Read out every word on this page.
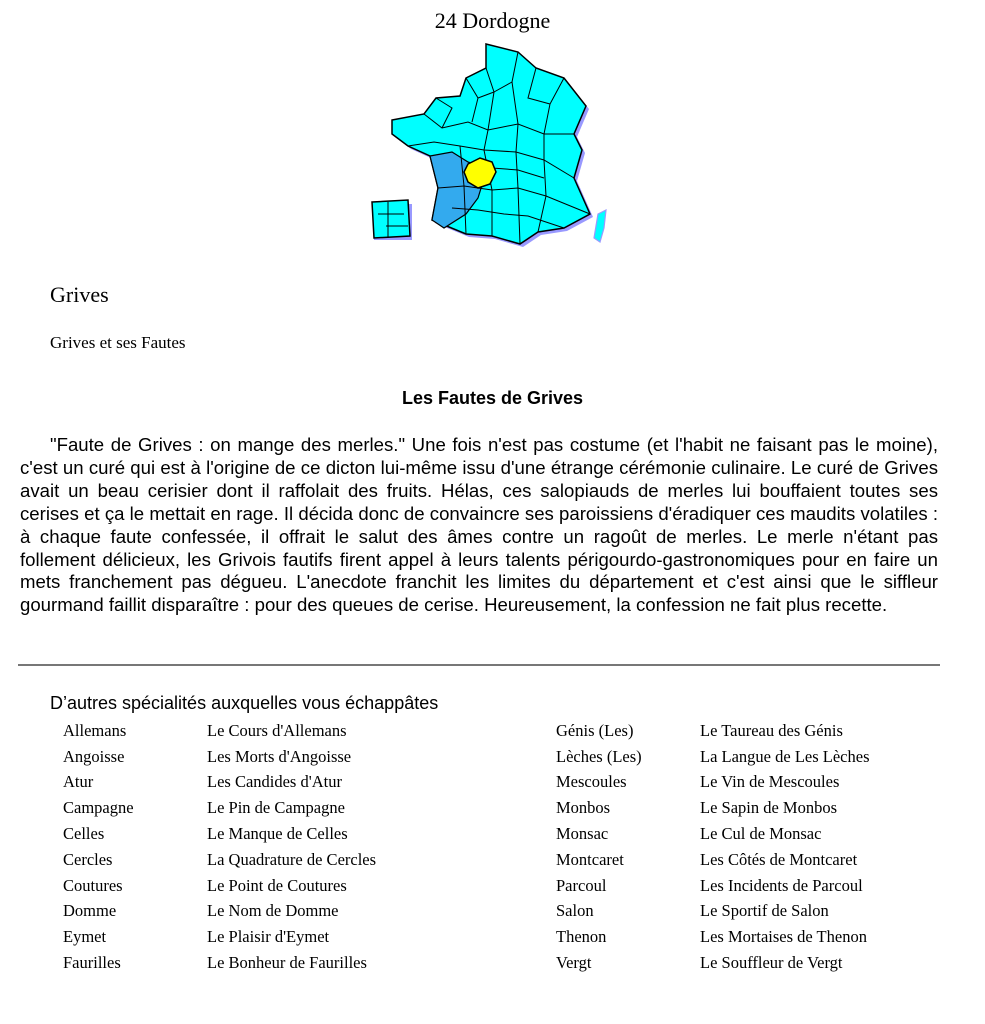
24 Dordogne
Grives
Grives et ses Fautes
Les Fautes de Grives

"Faute de Grives : on mange des merles." Une fois n'est pas costume (et l'habit ne faisant pas le moine), c'est un curé qui est à l'origine de ce dicton lui-même issu d'une étrange cérémonie culinaire. Le curé de Grives avait un beau cerisier dont il raffolait des fruits. Hélas, ces salopiauds de merles lui bouffaient toutes ses cerises et ça le mettait en rage. Il décida donc de convaincre ses paroissiens d'éradiquer ces maudits volatiles : à chaque faute confessée, il offrait le salut des âmes contre un ragoût de merles. Le merle n'étant pas follement délicieux, les Grivois fautifs firent appel à leurs talents périgourdo-gastronomiques pour en faire un mets franchement pas dégueu. L'anecdote franchit les limites du département et c'est ainsi que le siffleur gourmand faillit disparaître : pour des queues de cerise. Heureusement, la confession ne fait plus recette.

D’autres spécialités auxquelles vous échappâtes
Allemans	Le Cours d'Allemans
Angoisse	Les Morts d'Angoisse
Atur	Les Candides d'Atur
Campagne	Le Pin de Campagne
Celles	Le Manque de Celles
Cercles	La Quadrature de Cercles
Coutures	Le Point de Coutures
Domme	Le Nom de Domme
Eymet	Le Plaisir d'Eymet
Faurilles	Le Bonheur de Faurilles
Génis (Les)	Le Taureau des Génis
Lèches (Les)	La Langue de Les Lèches
Mescoules	Le Vin de Mescoules
Monbos	Le Sapin de Monbos
Monsac	Le Cul de Monsac
Montcaret	Les Côtés de Montcaret
Parcoul	Les Incidents de Parcoul
Salon	Le Sportif de Salon
Thenon	Les Mortaises de Thenon
Vergt	Le Souffleur de Vergt
